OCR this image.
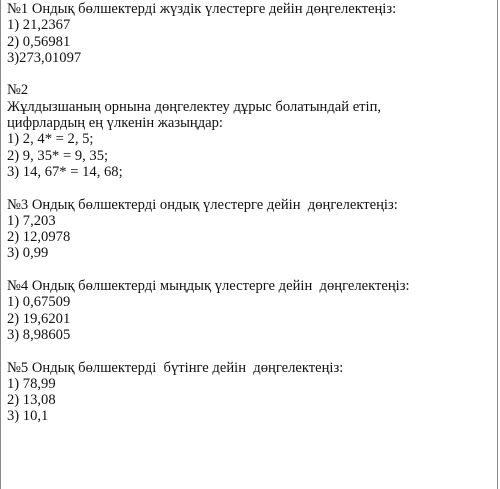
№1 Ондық бөлшектерді жүздік үлестерге дейін дөңгелектеңіз:
1) 21,2367
2) 0,56981
3)273,01097
№2
Жұлдызшаның орнына дөңгелектеу дұрыс болатындай етіп,
цифрлардың ең үлкенін жазыңдар:
1) 2, 4* = 2, 5;
2) 9, 35* = 9, 35;
3) 14, 67* = 14, 68;
№3 Ондық бөлшектерді ондық үлестерге дейін  дөңгелектеңіз:
1) 7,203
2) 12,0978
3) 0,99
№4 Ондық бөлшектерді мыңдық үлестерге дейін  дөңгелектеңіз:
1) 0,67509
2) 19,6201
3) 8,98605
№5 Ондық бөлшектерді  бүтінге дейін  дөңгелектеңіз:
1) 78,99
2) 13,08
3) 10,1
